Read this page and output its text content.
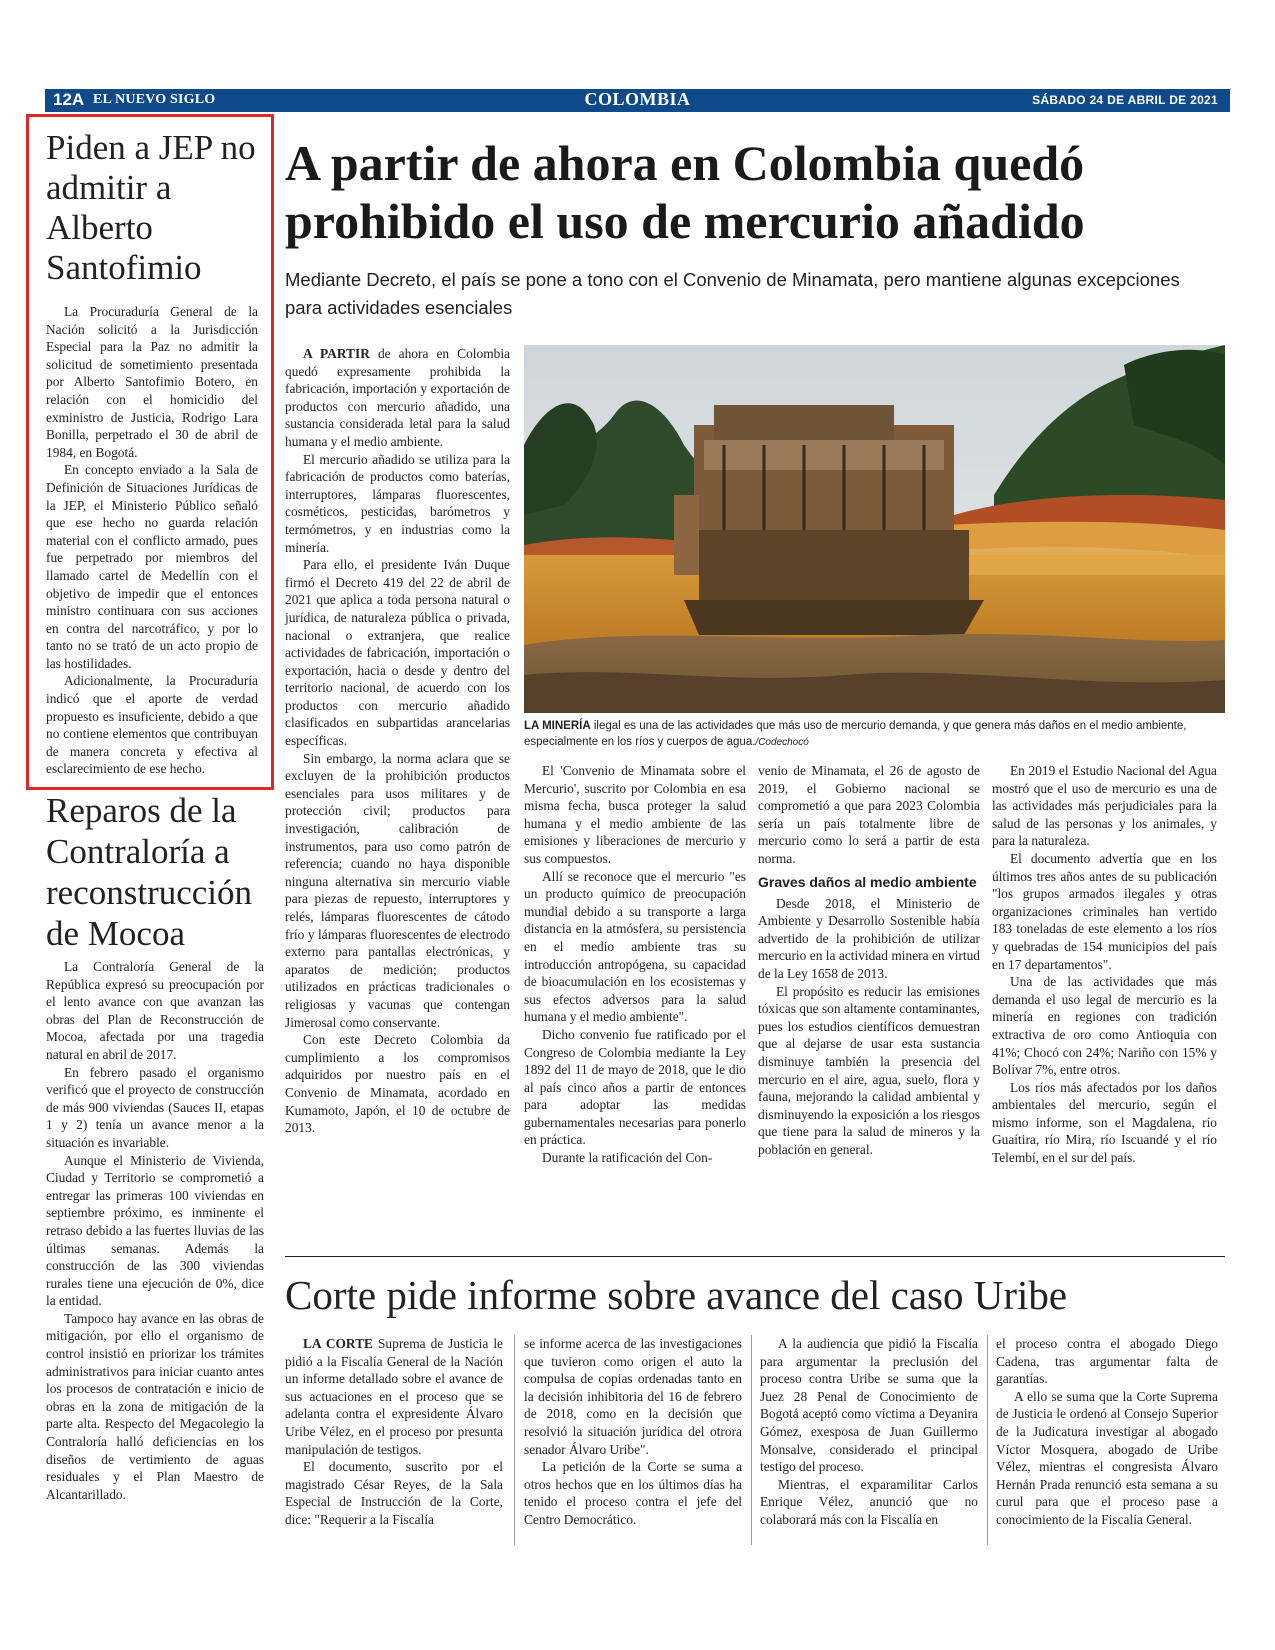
12A EL NUEVO SIGLO	COLOMBIA	SÁBADO 24 DE ABRIL DE 2021
Piden a JEP no admitir a Alberto Santofimio

La Procuraduría General de la Nación solicitó a la Jurisdicción Especial para la Paz no admitir la solicitud de sometimiento presentada por Alberto Santofimio Botero, en relación con el homicidio del exministro de Justicia, Rodrigo Lara Bonilla, perpetrado el 30 de abril de 1984, en Bogotá.

En concepto enviado a la Sala de Definición de Situaciones Jurídicas de la JEP, el Ministerio Público señaló que ese hecho no guarda relación material con el conflicto armado, pues fue perpetrado por miembros del llamado cartel de Medellín con el objetivo de impedir que el entonces ministro continuara con sus acciones en contra del narcotráfico, y por lo tanto no se trató de un acto propio de las hostilidades.

Adicionalmente, la Procuraduría indicó que el aporte de verdad propuesto es insuficiente, debido a que no contiene elementos que contribuyan de manera concreta y efectiva al esclarecimiento de ese hecho.

Reparos de la Contraloría a reconstrucción de Mocoa

La Contraloría General de la República expresó su preocupación por el lento avance con que avanzan las obras del Plan de Reconstrucción de Mocoa, afectada por una tragedia natural en abril de 2017.

En febrero pasado el organismo verificó que el proyecto de construcción de más 900 viviendas (Sauces II, etapas 1 y 2) tenía un avance menor a la situación es invariable.

Aunque el Ministerio de Vivienda, Ciudad y Territorio se comprometió a entregar las primeras 100 viviendas en septiembre próximo, es inminente el retraso debido a las fuertes lluvias de las últimas semanas. Además la construcción de las 300 viviendas rurales tiene una ejecución de 0%, dice la entidad.

Tampoco hay avance en las obras de mitigación, por ello el organismo de control insistió en priorizar los trámites administrativos para iniciar cuanto antes los procesos de contratación e inicio de obras en la zona de mitigación de la parte alta. Respecto del Megacolegio la Contraloría halló deficiencias en los diseños de vertimiento de aguas residuales y el Plan Maestro de Alcantarillado.

A partir de ahora en Colombia quedó prohibido el uso de mercurio añadido
Mediante Decreto, el país se pone a tono con el Convenio de Minamata, pero mantiene algunas excepciones para actividades esenciales

A PARTIR de ahora en Colombia quedó expresamente prohibida la fabricación, importación y exportación de productos con mercurio añadido, una sustancia considerada letal para la salud humana y el medio ambiente.

El mercurio añadido se utiliza para la fabricación de productos como baterías, interruptores, lámparas fluorescentes, cosméticos, pesticidas, barómetros y termómetros, y en industrias como la minería.

Para ello, el presidente Iván Duque firmó el Decreto 419 del 22 de abril de 2021 que aplica a toda persona natural o jurídica, de naturaleza pública o privada, nacional o extranjera, que realice actividades de fabricación, importación o exportación, hacia o desde y dentro del territorio nacional, de acuerdo con los productos con mercurio añadido clasificados en subpartidas arancelarias específicas.

Sin embargo, la norma aclara que se excluyen de la prohibición productos esenciales para usos militares y de protección civil; productos para investigación, calibración de instrumentos, para uso como patrón de referencia; cuando no haya disponible ninguna alternativa sin mercurio viable para piezas de repuesto, interruptores y relés, lámparas fluorescentes de cátodo frío y lámparas fluorescentes de electrodo externo para pantallas electrónicas, y aparatos de medición; productos utilizados en prácticas tradicionales o religiosas y vacunas que contengan Jimerosal como conservante.

Con este Decreto Colombia da cumplimiento a los compromisos adquiridos por nuestro país en el Convenio de Minamata, acordado en Kumamoto, Japón, el 10 de octubre de 2013.

LA MINERÍA ilegal es una de las actividades que más uso de mercurio demanda, y que genera más daños en el medio ambiente, especialmente en los ríos y cuerpos de agua./Codechocó

El 'Convenio de Minamata sobre el Mercurio', suscrito por Colombia en esa misma fecha, busca proteger la salud humana y el medio ambiente de las emisiones y liberaciones de mercurio y sus compuestos.

Allí se reconoce que el mercurio "es un producto químico de preocupación mundial debido a su transporte a larga distancia en la atmósfera, su persistencia en el medio ambiente tras su introducción antropógena, su capacidad de bioacumulación en los ecosistemas y sus efectos adversos para la salud humana y el medio ambiente".

Dicho convenio fue ratificado por el Congreso de Colombia mediante la Ley 1892 del 11 de mayo de 2018, que le dio al país cinco años a partir de entonces para adoptar las medidas gubernamentales necesarias para ponerlo en práctica.

Durante la ratificación del Con-

venio de Minamata, el 26 de agosto de 2019, el Gobierno nacional se comprometió a que para 2023 Colombia sería un país totalmente libre de mercurio como lo será a partir de esta norma.

Graves daños al medio ambiente

Desde 2018, el Ministerio de Ambiente y Desarrollo Sostenible había advertido de la prohibición de utilizar mercurio en la actividad minera en virtud de la Ley 1658 de 2013.

El propósito es reducir las emisiones tóxicas que son altamente contaminantes, pues los estudios científicos demuestran que al dejarse de usar esta sustancia disminuye también la presencia del mercurio en el aire, agua, suelo, flora y fauna, mejorando la calidad ambiental y disminuyendo la exposición a los riesgos que tiene para la salud de mineros y la población en general.

En 2019 el Estudio Nacional del Agua mostró que el uso de mercurio es una de las actividades más perjudiciales para la salud de las personas y los animales, y para la naturaleza.

El documento advertía que en los últimos tres años antes de su publicación "los grupos armados ilegales y otras organizaciones criminales han vertido 183 toneladas de este elemento a los ríos y quebradas de 154 municipios del país en 17 departamentos".

Una de las actividades que más demanda el uso legal de mercurio es la minería en regiones con tradición extractiva de oro como Antioquia con 41%; Chocó con 24%; Nariño con 15% y Bolívar 7%, entre otros.

Los ríos más afectados por los daños ambientales del mercurio, según el mismo informe, son el Magdalena, río Guaítira, río Mira, río Iscuandé y el río Telembí, en el sur del país.

Corte pide informe sobre avance del caso Uribe

LA CORTE Suprema de Justicia le pidió a la Fiscalía General de la Nación un informe detallado sobre el avance de sus actuaciones en el proceso que se adelanta contra el expresidente Álvaro Uribe Vélez, en el proceso por presunta manipulación de testigos.

El documento, suscrito por el magistrado César Reyes, de la Sala Especial de Instrucción de la Corte, dice: "Requerir a la Fiscalía

se informe acerca de las investigaciones que tuvieron como origen el auto la compulsa de copias ordenadas tanto en la decisión inhibitoria del 16 de febrero de 2018, como en la decisión que resolvió la situación jurídica del otrora senador Álvaro Uribe".

La petición de la Corte se suma a otros hechos que en los últimos días ha tenido el proceso contra el jefe del Centro Democrático.

A la audiencia que pidió la Fiscalía para argumentar la preclusión del proceso contra Uribe se suma que la Juez 28 Penal de Conocimiento de Bogotá aceptó como víctima a Deyanira Gómez, exesposa de Juan Guillermo Monsalve, considerado el principal testigo del proceso.

Mientras, el exparamilitar Carlos Enrique Vélez, anunció que no colaborará más con la Fiscalía en

el proceso contra el abogado Diego Cadena, tras argumentar falta de garantías.

A ello se suma que la Corte Suprema de Justicia le ordenó al Consejo Superior de la Judicatura investigar al abogado Víctor Mosquera, abogado de Uribe Vélez, mientras el congresista Álvaro Hernán Prada renunció esta semana a su curul para que el proceso pase a conocimiento de la Fiscalía General.
